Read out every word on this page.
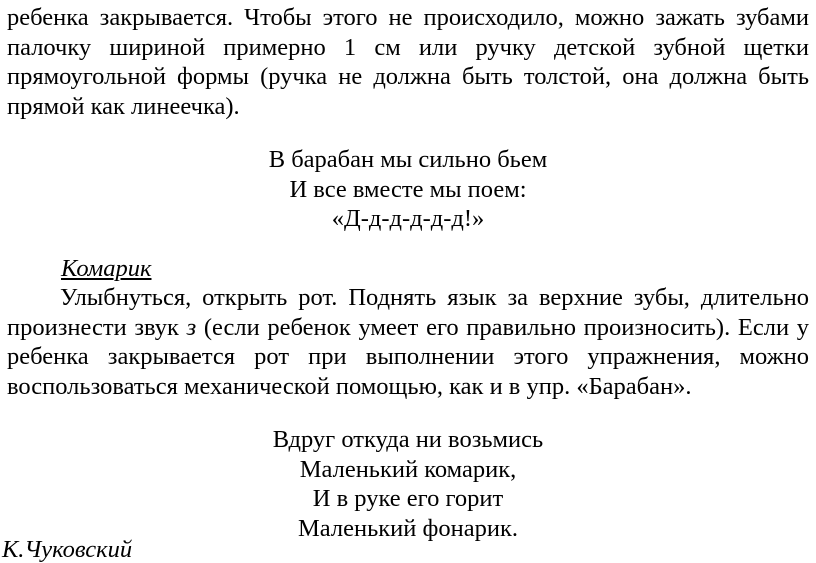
ребенка закрывается. Чтобы этого не происходило, можно зажать зубами палочку шириной примерно 1 см или ручку детской зубной щетки прямоугольной формы (ручка не должна быть толстой, она должна быть прямой как линеечка).

В барабан мы сильно бьем
И все вместе мы поем:
«Д-д-д-д-д-д!»
Комарик

Улыбнуться, открыть рот. Поднять язык за верхние зубы, длительно произнести звук з (если ребенок умеет его правильно произносить). Если у ребенка закрывается рот при выполнении этого упражнения, можно воспользоваться механической помощью, как и в упр. «Барабан».

Вдруг откуда ни возьмись
Маленький комарик,
И в руке его горит
Маленький фонарик.

К.Чуковский
